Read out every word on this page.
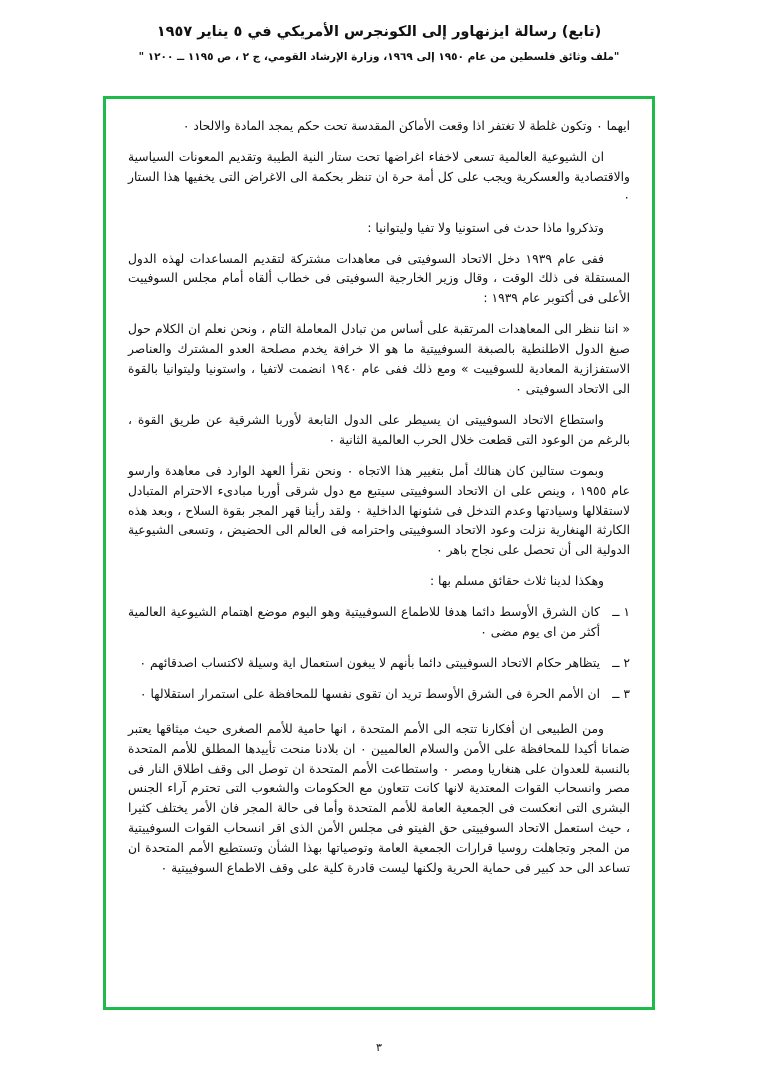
(تابع) رسالة ايزنهاور إلى الكونجرس الأمريكي في ٥ يناير ١٩٥٧
"ملف وثائق فلسطين من عام ١٩٥٠ إلى ١٩٦٩، وزارة الإرشاد القومي، ج ٢ ، ص ١١٩٥ ــ ١٢٠٠ "

ايهما ٠ وتكون غلطة لا تغتفر اذا وقعت الأماكن المقدسة تحت حكم يمجد المادة والالحاد ٠

ان الشيوعية العالمية تسعى لاخفاء اغراضها تحت ستار النية الطيبة وتقديم المعونات السياسية والاقتصادية والعسكرية ويجب على كل أمة حرة ان تنظر بحكمة الى الاغراض التى يخفيها هذا الستار ٠

وتذكروا ماذا حدث فى استونيا ولا تفيا وليتوانيا :

ففى عام ١٩٣٩ دخل الاتحاد السوفيتى فى معاهدات مشتركة لتقديم المساعدات لهذه الدول المستقلة فى ذلك الوقت ، وقال وزير الخارجية السوفيتى فى خطاب ألقاه أمام مجلس السوفييت الأعلى فى أكتوبر عام ١٩٣٩ :

« اننا ننظر الى المعاهدات المرتقبة على أساس من تبادل المعاملة التام ، ونحن نعلم ان الكلام حول صبغ الدول الاطلنطية بالصبغة السوفييتية ما هو الا خرافة يخدم مصلحة العدو المشترك والعناصر الاستفزازية المعادية للسوفييت » ومع ذلك ففى عام ١٩٤٠ انضمت لاتفيا ، واستونيا وليتوانيا بالقوة الى الاتحاد السوفيتى ٠

واستطاع الاتحاد السوفييتى ان يسيطر على الدول التابعة لأوربا الشرقية عن طريق القوة ، بالرغم من الوعود التى قطعت خلال الحرب العالمية الثانية ٠

وبموت ستالين كان هنالك أمل بتغيير هذا الاتجاه ٠ ونحن نقرأ العهد الوارد فى معاهدة وارسو عام ١٩٥٥ ، وينص على ان الاتحاد السوفييتى سيتبع مع دول شرقى أوربا مبادىء الاحترام المتبادل لاستقلالها وسيادتها وعدم التدخل فى شئونها الداخلية ٠ ولقد رأينا قهر المجر بقوة السلاح ، وبعد هذه الكارثة الهنغارية نزلت وعود الاتحاد السوفييتى واحترامه فى العالم الى الحضيض ، وتسعى الشيوعية الدولية الى أن تحصل على نجاح باهر ٠

وهكذا لدينا ثلاث حقائق مسلم بها :

١ ــ
كان الشرق الأوسط دائما هدفا للاطماع السوفييتية وهو اليوم موضع اهتمام الشيوعية العالمية أكثر من اى يوم مضى ٠
٢ ــ
يتظاهر حكام الاتحاد السوفييتى دائما بأنهم لا يبغون استعمال اية وسيلة لاكتساب اصدقائهم ٠
٣ ــ
ان الأمم الحرة فى الشرق الأوسط تريد ان تقوى نفسها للمحافظة على استمرار استقلالها ٠

ومن الطبيعى ان أفكارنا تتجه الى الأمم المتحدة ، انها حامية للأمم الصغرى حيث ميثاقها يعتبر ضمانا أكيدا للمحافظة على الأمن والسلام العالميين ٠ ان بلادنا منحت تأييدها المطلق للأمم المتحدة بالنسبة للعدوان على هنغاريا ومصر ٠ واستطاعت الأمم المتحدة ان توصل الى وقف اطلاق النار فى مصر وانسحاب القوات المعتدية لانها كانت تتعاون مع الحكومات والشعوب التى تحترم آراء الجنس البشرى التى انعكست فى الجمعية العامة للأمم المتحدة وأما فى حالة المجر فان الأمر يختلف كثيرا ، حيث استعمل الاتحاد السوفييتى حق الفيتو فى مجلس الأمن الذى اقر انسحاب القوات السوفييتية من المجر وتجاهلت روسيا قرارات الجمعية العامة وتوصياتها بهذا الشأن وتستطيع الأمم المتحدة ان تساعد الى حد كبير فى حماية الحرية ولكنها ليست قادرة كلية على وقف الاطماع السوفييتية ٠

٣
